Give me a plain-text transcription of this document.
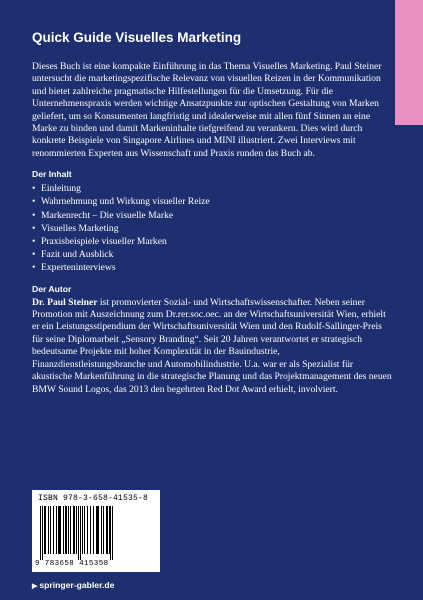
Quick Guide Visuelles Marketing

Dieses Buch ist eine kompakte Einführung in das Thema Visuelles Marketing. Paul Steiner untersucht die marketingspezifische Relevanz von visuellen Reizen in der Kommunikation und bietet zahlreiche pragmatische Hilfestellungen für die Umsetzung. Für die Unternehmenspraxis werden wichtige Ansatzpunkte zur optischen Gestaltung von Marken geliefert, um so Konsumenten langfristig und idealerweise mit allen fünf Sinnen an eine Marke zu binden und damit Markeninhalte tiefgreifend zu verankern. Dies wird durch konkrete Beispiele von Singapore Airlines und MINI illustriert. Zwei Interviews mit renommierten Experten aus Wissenschaft und Praxis runden das Buch ab.

Der Inhalt
• Einleitung
• Wahrnehmung und Wirkung visueller Reize
• Markenrecht – Die visuelle Marke
• Visuelles Marketing
• Praxisbeispiele visueller Marken
• Fazit und Ausblick
• Experteninterviews
Der Autor

Dr. Paul Steiner ist promovierter Sozial- und Wirtschaftswissenschafter. Neben seiner Promotion mit Auszeichnung zum Dr.rer.soc.oec. an der Wirtschaftsuniversität Wien, erhielt er ein Leistungsstipendium der Wirtschaftsuniversität Wien und den Rudolf-Sallinger-Preis für seine Diplomarbeit „Sensory Branding“. Seit 20 Jahren verantwortet er strategisch bedeutsame Projekte mit hoher Komplexität in der Bauindustrie, Finanzdienstleistungsbranche und Automobilindustrie. U.a. war er als Spezialist für akustische Markenführung in die strategische Planung und das Projektmanagement des neuen BMW Sound Logos, das 2013 den begehrten Red Dot Award erhielt, involviert.

ISBN 978-3-658-41535-8
9 783658 415358
▶ springer-gabler.de
